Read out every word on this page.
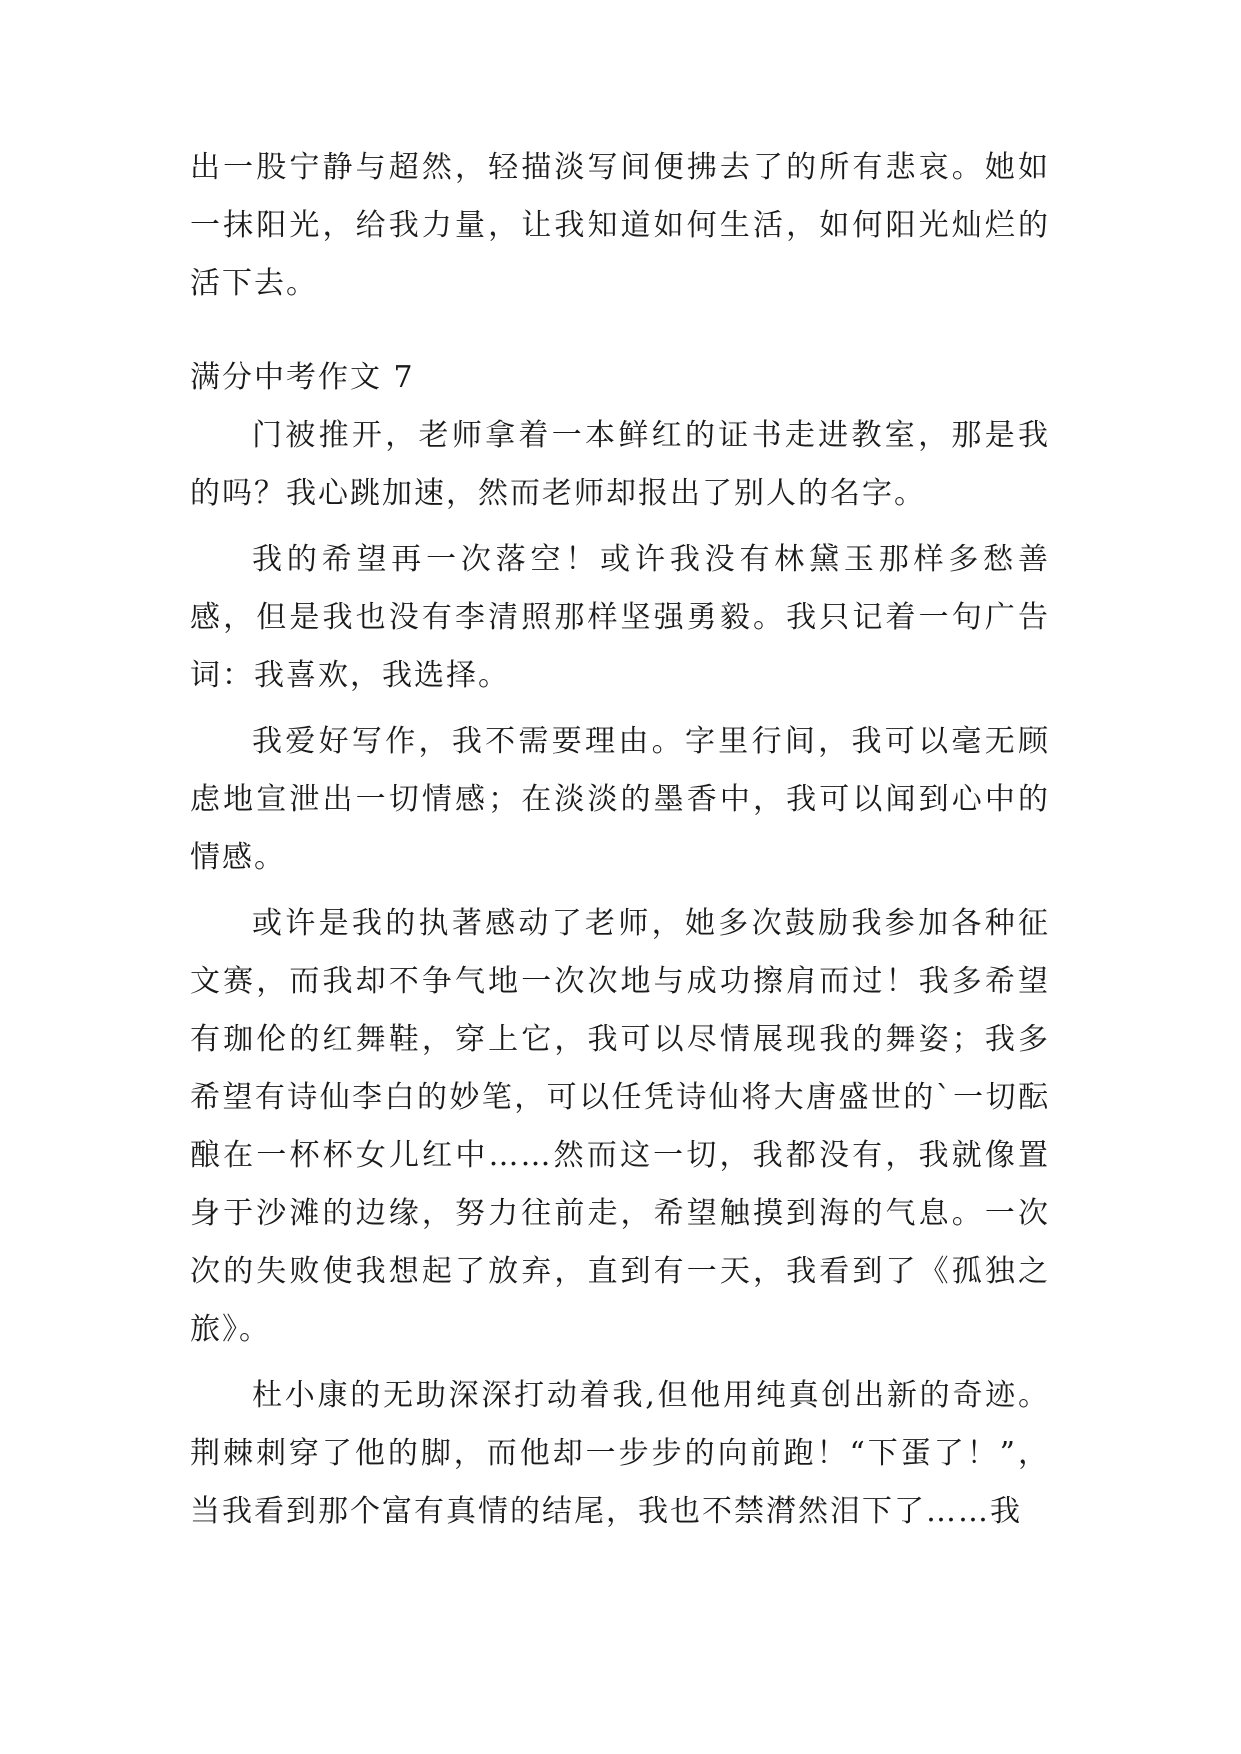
出一股宁静与超然，轻描淡写间便拂去了的所有悲哀。她如一抹阳光，给我力量，让我知道如何生活，如何阳光灿烂的活下去。

满分中考作文 7

门被推开，老师拿着一本鲜红的证书走进教室，那是我的吗？我心跳加速，然而老师却报出了别人的名字。

我的希望再一次落空！或许我没有林黛玉那样多愁善感，但是我也没有李清照那样坚强勇毅。我只记着一句广告词：我喜欢，我选择。

我爱好写作，我不需要理由。字里行间，我可以毫无顾虑地宣泄出一切情感；在淡淡的墨香中，我可以闻到心中的情感。

或许是我的执著感动了老师，她多次鼓励我参加各种征文赛，而我却不争气地一次次地与成功擦肩而过！我多希望有珈伦的红舞鞋，穿上它，我可以尽情展现我的舞姿；我多希望有诗仙李白的妙笔，可以任凭诗仙将大唐盛世的`一切酝酿在一杯杯女儿红中……然而这一切，我都没有，我就像置身于沙滩的边缘，努力往前走，希望触摸到海的气息。一次次的失败使我想起了放弃，直到有一天，我看到了《孤独之旅》。

杜小康的无助深深打动着我,但他用纯真创出新的奇迹。荆棘刺穿了他的脚，而他却一步步的向前跑！“下蛋了！”，当我看到那个富有真情的结尾，我也不禁潸然泪下了……我
